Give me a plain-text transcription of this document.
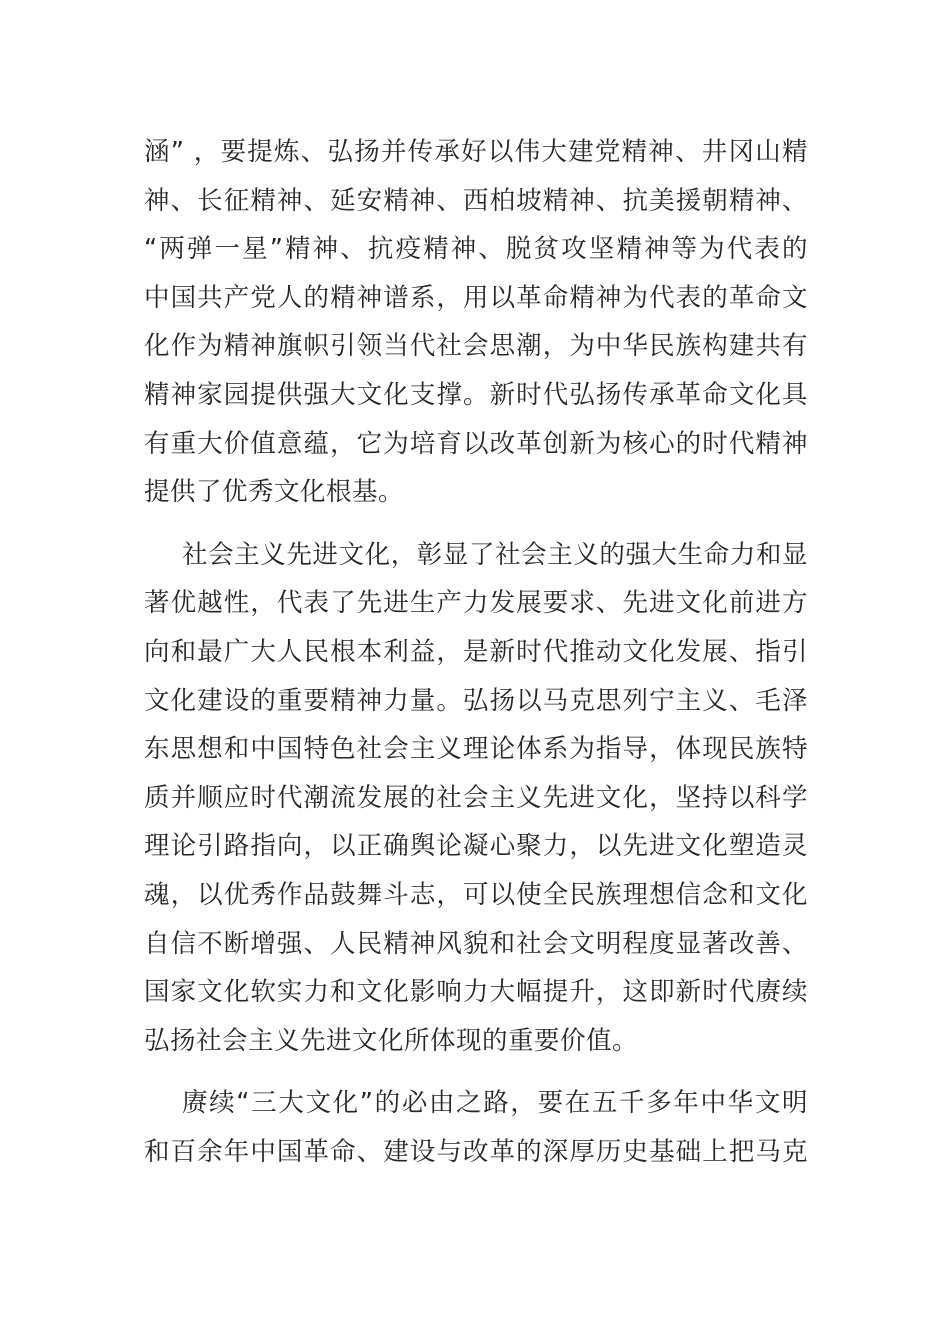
涵” ，要提炼、弘扬并传承好以伟大建党精神、井冈山精
神、长征精神、延安精神、西柏坡精神、抗美援朝精神、
“两弹一星”精神、抗疫精神、脱贫攻坚精神等为代表的
中国共产党人的精神谱系，用以革命精神为代表的革命文
化作为精神旗帜引领当代社会思潮，为中华民族构建共有
精神家园提供强大文化支撑。新时代弘扬传承革命文化具
有重大价值意蕴，它为培育以改革创新为核心的时代精神
提供了优秀文化根基。
社会主义先进文化，彰显了社会主义的强大生命力和显
著优越性，代表了先进生产力发展要求、先进文化前进方
向和最广大人民根本利益，是新时代推动文化发展、指引
文化建设的重要精神力量。弘扬以马克思列宁主义、毛泽
东思想和中国特色社会主义理论体系为指导，体现民族特
质并顺应时代潮流发展的社会主义先进文化，坚持以科学
理论引路指向，以正确舆论凝心聚力，以先进文化塑造灵
魂，以优秀作品鼓舞斗志，可以使全民族理想信念和文化
自信不断增强、人民精神风貌和社会文明程度显著改善、
国家文化软实力和文化影响力大幅提升，这即新时代赓续
弘扬社会主义先进文化所体现的重要价值。
赓续“三大文化”的必由之路，要在五千多年中华文明
和百余年中国革命、建设与改革的深厚历史基础上把马克
